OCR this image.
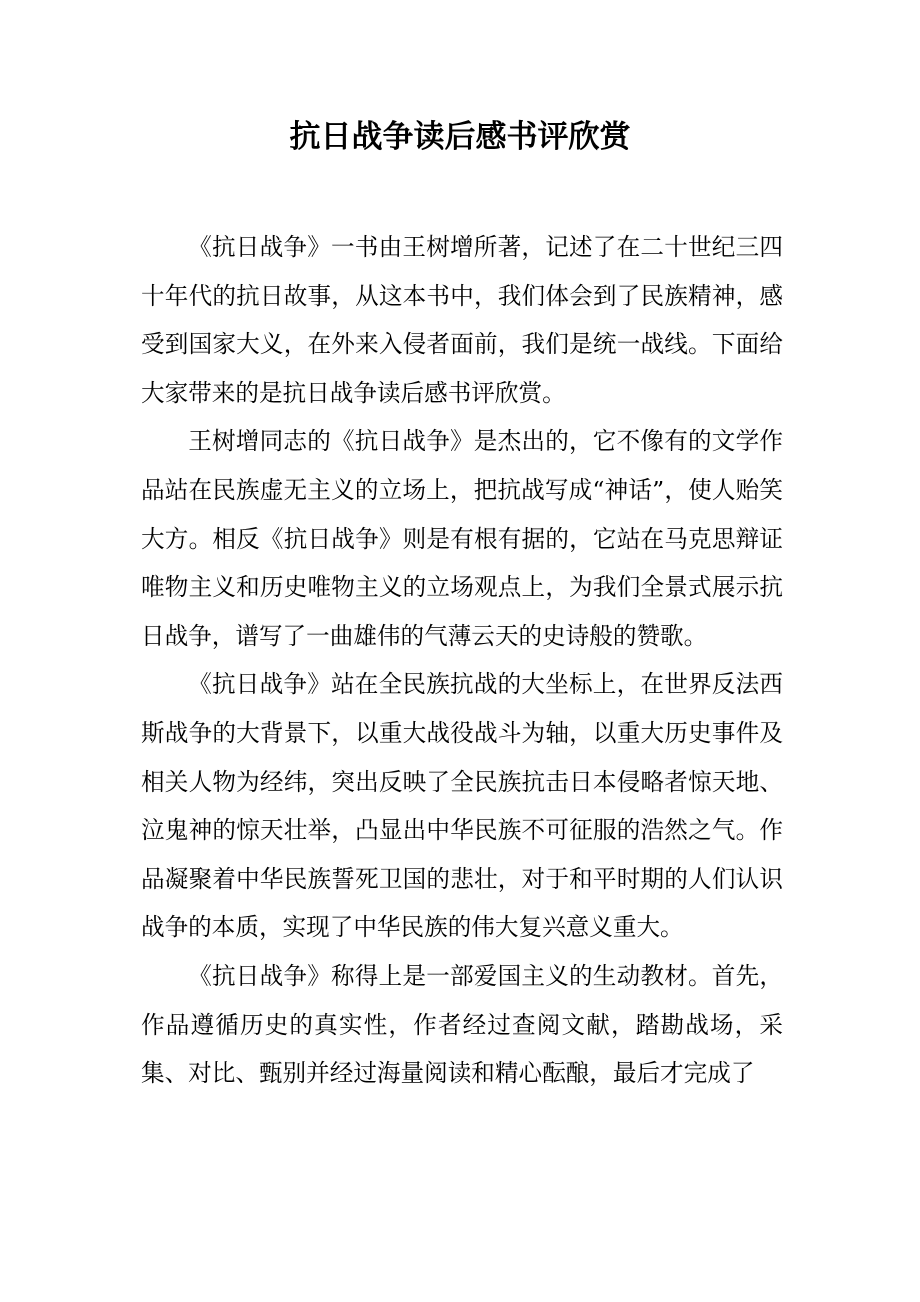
抗日战争读后感书评欣赏

《抗日战争》一书由王树增所著，记述了在二十世纪三四十年代的抗日故事，从这本书中，我们体会到了民族精神，感受到国家大义，在外来入侵者面前，我们是统一战线。下面给大家带来的是抗日战争读后感书评欣赏。

王树增同志的《抗日战争》是杰出的，它不像有的文学作品站在民族虚无主义的立场上，把抗战写成“神话”，使人贻笑大方。相反《抗日战争》则是有根有据的，它站在马克思辩证唯物主义和历史唯物主义的立场观点上，为我们全景式展示抗日战争，谱写了一曲雄伟的气薄云天的史诗般的赞歌。

《抗日战争》站在全民族抗战的大坐标上，在世界反法西斯战争的大背景下，以重大战役战斗为轴，以重大历史事件及相关人物为经纬，突出反映了全民族抗击日本侵略者惊天地、泣鬼神的惊天壮举，凸显出中华民族不可征服的浩然之气。作品凝聚着中华民族誓死卫国的悲壮，对于和平时期的人们认识战争的本质，实现了中华民族的伟大复兴意义重大。

《抗日战争》称得上是一部爱国主义的生动教材。首先，作品遵循历史的真实性，作者经过查阅文献，踏勘战场，采集、对比、甄别并经过海量阅读和精心酝酿，最后才完成了
